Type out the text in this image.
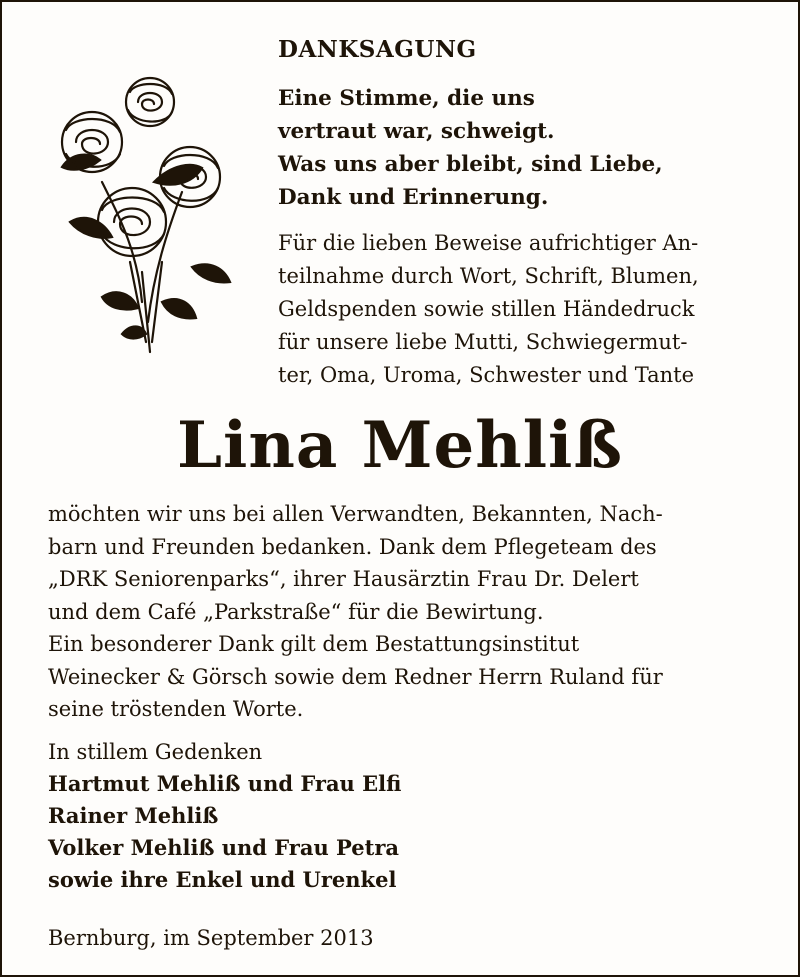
DANKSAGUNG
Eine Stimme, die uns
vertraut war, schweigt.
Was uns aber bleibt, sind Liebe,
Dank und Erinnerung.
Für die lieben Beweise aufrichtiger An-
teilnahme durch Wort, Schrift, Blumen,
Geldspenden sowie stillen Händedruck
für unsere liebe Mutti, Schwiegermut-
ter, Oma, Uroma, Schwester und Tante
Lina Mehliß
möchten wir uns bei allen Verwandten, Bekannten, Nach-
barn und Freunden bedanken. Dank dem Pflegeteam des
„DRK Seniorenparks“, ihrer Hausärztin Frau Dr. Delert
und dem Café „Parkstraße“ für die Bewirtung.
Ein besonderer Dank gilt dem Bestattungsinstitut
Weinecker & Görsch sowie dem Redner Herrn Ruland für
seine tröstenden Worte.
In stillem Gedenken
Hartmut Mehliß und Frau Elfi
Rainer Mehliß
Volker Mehliß und Frau Petra
sowie ihre Enkel und Urenkel
Bernburg, im September 2013
